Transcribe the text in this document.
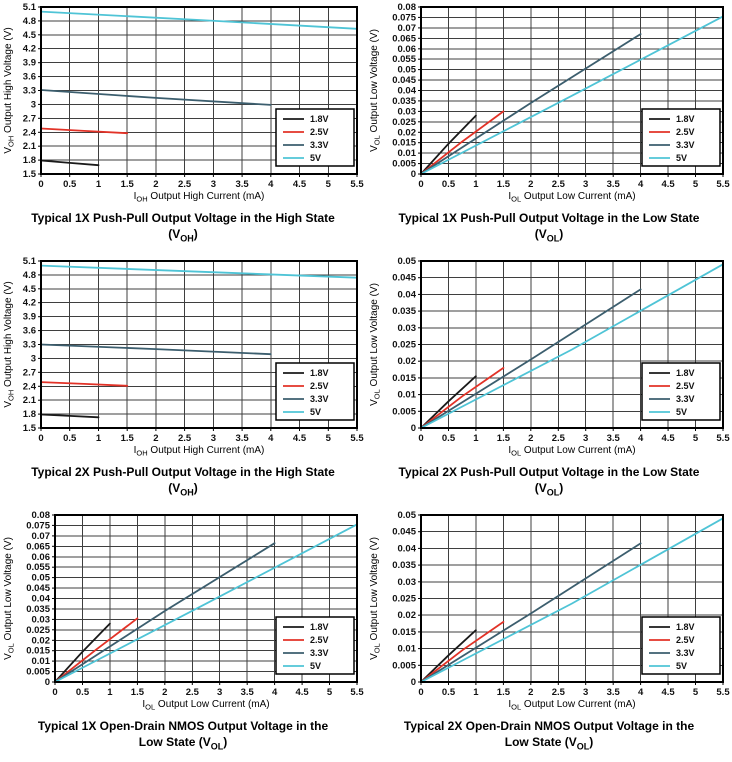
1.8V
2.5V
3.3V
5V
0 0.5 1 1.5 2 2.5 3 3.5 4 4.5 5 5.5
1.5
1.8
2.1
2.4
2.7
3
3.3
3.6
3.9
4.2
4.5
4.8
5.1
$I_{OH}$ Output High Current (mA)
$V_{OH}$ Output High Voltage (V)
Typical 1X Push-Pull Output Voltage in the High State $(V_{OH})$
1.8V
2.5V
3.3V
5V
0 0.5 1 1.5 2 2.5 3 3.5 4 4.5 5 5.5
0
0.005
0.01
0.015
0.02
0.025
0.03
0.035
0.04
0.045
0.05
0.055
0.06
0.065
0.07
0.075
0.08
$I_{OL}$ Output Low Current (mA)
$V_{OL}$ Output Low Voltage (V)
Typical 1X Push-Pull Output Voltage in the Low State $(V_{OL})$
1.8V
2.5V
3.3V
5V
0 0.5 1 1.5 2 2.5 3 3.5 4 4.5 5 5.5
1.5
1.8
2.1
2.4
2.7
3
3.3
3.6
3.9
4.2
4.5
4.8
5.1
$I_{OH}$ Output High Current (mA)
$V_{OH}$ Output High Voltage (V)
Typical 2X Push-Pull Output Voltage in the High State $(V_{OH})$
1.8V
2.5V
3.3V
5V
0 0.5 1 1.5 2 2.5 3 3.5 4 4.5 5 5.5
0
0.005
0.01
0.015
0.02
0.025
0.03
0.035
0.04
0.045
0.05
$I_{OL}$ Output Low Current (mA)
$V_{OL}$ Output Low Voltage (V)
Typical 2X Push-Pull Output Voltage in the Low State $(V_{OL})$
1.8V
2.5V
3.3V
5V
0 0.5 1 1.5 2 2.5 3 3.5 4 4.5 5 5.5
0
0.005
0.01
0.015
0.02
0.025
0.03
0.035
0.04
0.045
0.05
0.055
0.06
0.065
0.07
0.075
0.08
$I_{OL}$ Output Low Current (mA)
$V_{OL}$ Output Low Voltage (V)
Typical 1X Open-Drain NMOS Output Voltage in the Low State $(V_{OL})$
1.8V
2.5V
3.3V
5V
0 0.5 1 1.5 2 2.5 3 3.5 4 4.5 5 5.5
0
0.005
0.01
0.015
0.02
0.025
0.03
0.035
0.04
0.045
0.05
$I_{OL}$ Output Low Current (mA)
$V_{OL}$ Output Low Voltage (V)
Typical 2X Open-Drain NMOS Output Voltage in the Low State $(V_{OL})$
